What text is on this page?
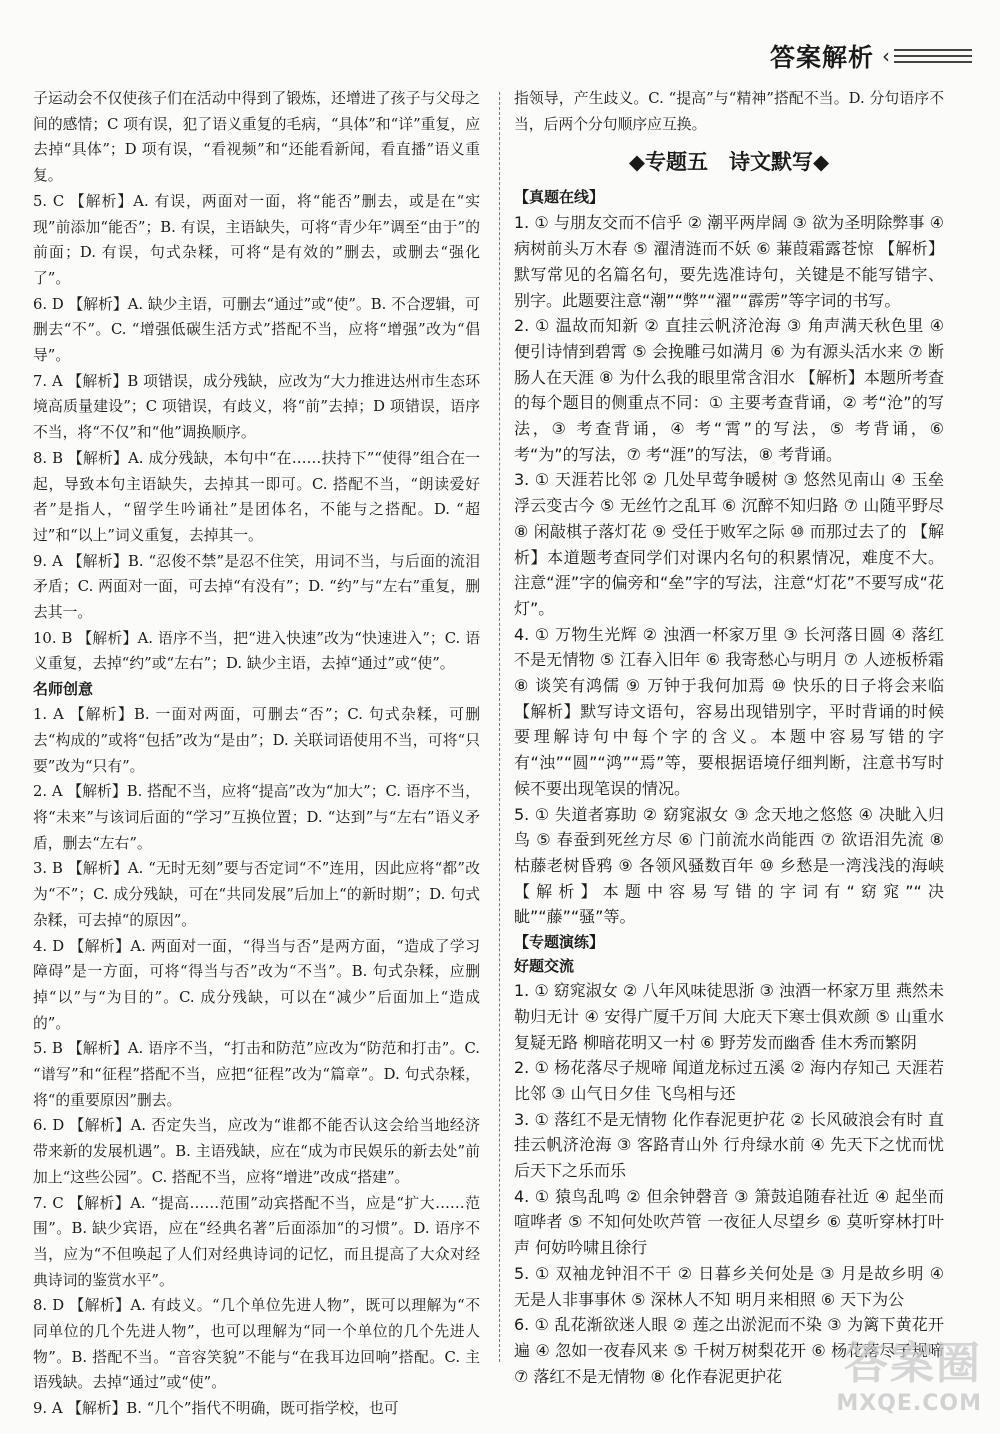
答案解析 ‹

子运动会不仅使孩子们在活动中得到了锻炼，还增进了孩子与父母之间的感情；C 项有误，犯了语义重复的毛病，“具体”和“详”重复，应去掉“具体”；D 项有误，“看视频”和“还能看新闻，看直播”语义重复。

5. C 【解析】A. 有误，两面对一面，将“能否”删去，或是在“实现”前添加“能否”；B. 有误，主语缺失，可将“青少年”调至“由于”的前面；D. 有误，句式杂糅，可将“是有效的”删去，或删去“强化了”。

6. D 【解析】A. 缺少主语，可删去“通过”或“使”。B. 不合逻辑，可删去“不”。C. “增强低碳生活方式”搭配不当，应将“增强”改为“倡导”。

7. A 【解析】B 项错误，成分残缺，应改为“大力推进达州市生态环境高质量建设”；C 项错误，有歧义，将“前”去掉；D 项错误，语序不当，将“不仅”和“他”调换顺序。

8. B 【解析】A. 成分残缺，本句中“在……扶持下”“使得”组合在一起，导致本句主语缺失，去掉其一即可。C. 搭配不当，“朗读爱好者”是指人，“留学生吟诵社”是团体名，不能与之搭配。D. “超过”和“以上”词义重复，去掉其一。

9. A 【解析】B. “忍俊不禁”是忍不住笑，用词不当，与后面的流泪矛盾；C. 两面对一面，可去掉“有没有”；D. “约”与“左右”重复，删去其一。

10. B 【解析】A. 语序不当，把“进入快速”改为“快速进入”；C. 语义重复，去掉“约”或“左右”；D. 缺少主语，去掉“通过”或“使”。

名师创意

1. A 【解析】B. 一面对两面，可删去“否”；C. 句式杂糅，可删去“构成的”或将“包括”改为“是由”；D. 关联词语使用不当，可将“只要”改为“只有”。

2. A 【解析】B. 搭配不当，应将“提高”改为“加大”；C. 语序不当，将“未来”与该词后面的“学习”互换位置；D. “达到”与“左右”语义矛盾，删去“左右”。

3. B 【解析】A. “无时无刻”要与否定词“不”连用，因此应将“都”改为“不”；C. 成分残缺，可在“共同发展”后加上“的新时期”；D. 句式杂糅，可去掉“的原因”。

4. D 【解析】A. 两面对一面，“得当与否”是两方面，“造成了学习障碍”是一方面，可将“得当与否”改为“不当”。B. 句式杂糅，应删掉“以”与“为目的”。C. 成分残缺，可以在“减少”后面加上“造成的”。

5. B 【解析】A. 语序不当，“打击和防范”应改为“防范和打击”。C. “谱写”和“征程”搭配不当，应把“征程”改为“篇章”。D. 句式杂糅，将“的重要原因”删去。

6. D 【解析】A. 否定失当，应改为“谁都不能否认这会给当地经济带来新的发展机遇”。B. 主语残缺，应在“成为市民娱乐的新去处”前加上“这些公园”。C. 搭配不当，应将“增进”改成“搭建”。

7. C 【解析】A. “提高……范围”动宾搭配不当，应是“扩大……范围”。B. 缺少宾语，应在“经典名著”后面添加“的习惯”。D. 语序不当，应为“不但唤起了人们对经典诗词的记忆，而且提高了大众对经典诗词的鉴赏水平”。

8. D 【解析】A. 有歧义。“几个单位先进人物”，既可以理解为“不同单位的几个先进人物”，也可以理解为“同一个单位的几个先进人物”。B. 搭配不当。“音容笑貌”不能与“在我耳边回响”搭配。C. 主语残缺。去掉“通过”或“使”。

9. A 【解析】B. “几个”指代不明确，既可指学校，也可

指领导，产生歧义。C. “提高”与“精神”搭配不当。D. 分句语序不当，后两个分句顺序应互换。

◆专题五　诗文默写◆

【真题在线】

1. ① 与朋友交而不信乎 ② 潮平两岸阔 ③ 欲为圣明除弊事 ④ 病树前头万木春 ⑤ 濯清涟而不妖 ⑥ 蒹葭霜露苍惊 【解析】默写常见的名篇名句，要先选准诗句，关键是不能写错字、别字。此题要注意“潮”“弊”“濯”“霹雳”等字词的书写。

2. ① 温故而知新 ② 直挂云帆济沧海 ③ 角声满天秋色里 ④ 便引诗情到碧霄 ⑤ 会挽雕弓如满月 ⑥ 为有源头活水来 ⑦ 断肠人在天涯 ⑧ 为什么我的眼里常含泪水 【解析】本题所考查的每个题目的侧重点不同：① 主要考查背诵，② 考“沧”的写法，③ 考查背诵，④ 考“霄”的写法，⑤ 考背诵，⑥ 考“为”的写法，⑦ 考“涯”的写法，⑧ 考背诵。

3. ① 天涯若比邻 ② 几处早莺争暖树 ③ 悠然见南山 ④ 玉垒浮云变古今 ⑤ 无丝竹之乱耳 ⑥ 沉醉不知归路 ⑦ 山随平野尽 ⑧ 闲敲棋子落灯花 ⑨ 受任于败军之际 ⑩ 而那过去了的 【解析】本道题考查同学们对课内名句的积累情况，难度不大。注意“涯”字的偏旁和“垒”字的写法，注意“灯花”不要写成“花灯”。

4. ① 万物生光辉 ② 浊酒一杯家万里 ③ 长河落日圆 ④ 落红不是无情物 ⑤ 江春入旧年 ⑥ 我寄愁心与明月 ⑦ 人迹板桥霜 ⑧ 谈笑有鸿儒 ⑨ 万钟于我何加焉 ⑩ 快乐的日子将会来临 【解析】默写诗文语句，容易出现错别字，平时背诵的时候要理解诗句中每个字的含义。本题中容易写错的字有“浊”“圆”“鸿”“焉”等，要根据语境仔细判断，注意书写时候不要出现笔误的情况。

5. ① 失道者寡助 ② 窈窕淑女 ③ 念天地之悠悠 ④ 决眦入归鸟 ⑤ 春蚕到死丝方尽 ⑥ 门前流水尚能西 ⑦ 欲语泪先流 ⑧ 枯藤老树昏鸦 ⑨ 各领风骚数百年 ⑩ 乡愁是一湾浅浅的海峡 【解析】本题中容易写错的字词有“窈窕”“决眦”“藤”“骚”等。

【专题演练】

好题交流

1. ① 窈窕淑女 ② 八年风味徒思浙 ③ 浊酒一杯家万里 燕然未勒归无计 ④ 安得广厦千万间 大庇天下寒士俱欢颜 ⑤ 山重水复疑无路 柳暗花明又一村 ⑥ 野芳发而幽香 佳木秀而繁阴

2. ① 杨花落尽子规啼 闻道龙标过五溪 ② 海内存知己 天涯若比邻 ③ 山气日夕佳 飞鸟相与还

3. ① 落红不是无情物 化作春泥更护花 ② 长风破浪会有时 直挂云帆济沧海 ③ 客路青山外 行舟绿水前 ④ 先天下之忧而忧 后天下之乐而乐

4. ① 猿鸟乱鸣 ② 但余钟磬音 ③ 箫鼓追随春社近 ④ 起坐而喧哗者 ⑤ 不知何处吹芦管 一夜征人尽望乡 ⑥ 莫听穿林打叶声 何妨吟啸且徐行

5. ① 双袖龙钟泪不干 ② 日暮乡关何处是 ③ 月是故乡明 ④ 无是人非事事休 ⑤ 深林人不知 明月来相照 ⑥ 天下为公

6. ① 乱花渐欲迷人眼 ② 莲之出淤泥而不染 ③ 为篱下黄花开遍 ④ 忽如一夜春风来 ⑤ 千树万树梨花开 ⑥ 杨花落尽子规啼 ⑦ 落红不是无情物 ⑧ 化作春泥更护花	答案圈
MXQE.COM
